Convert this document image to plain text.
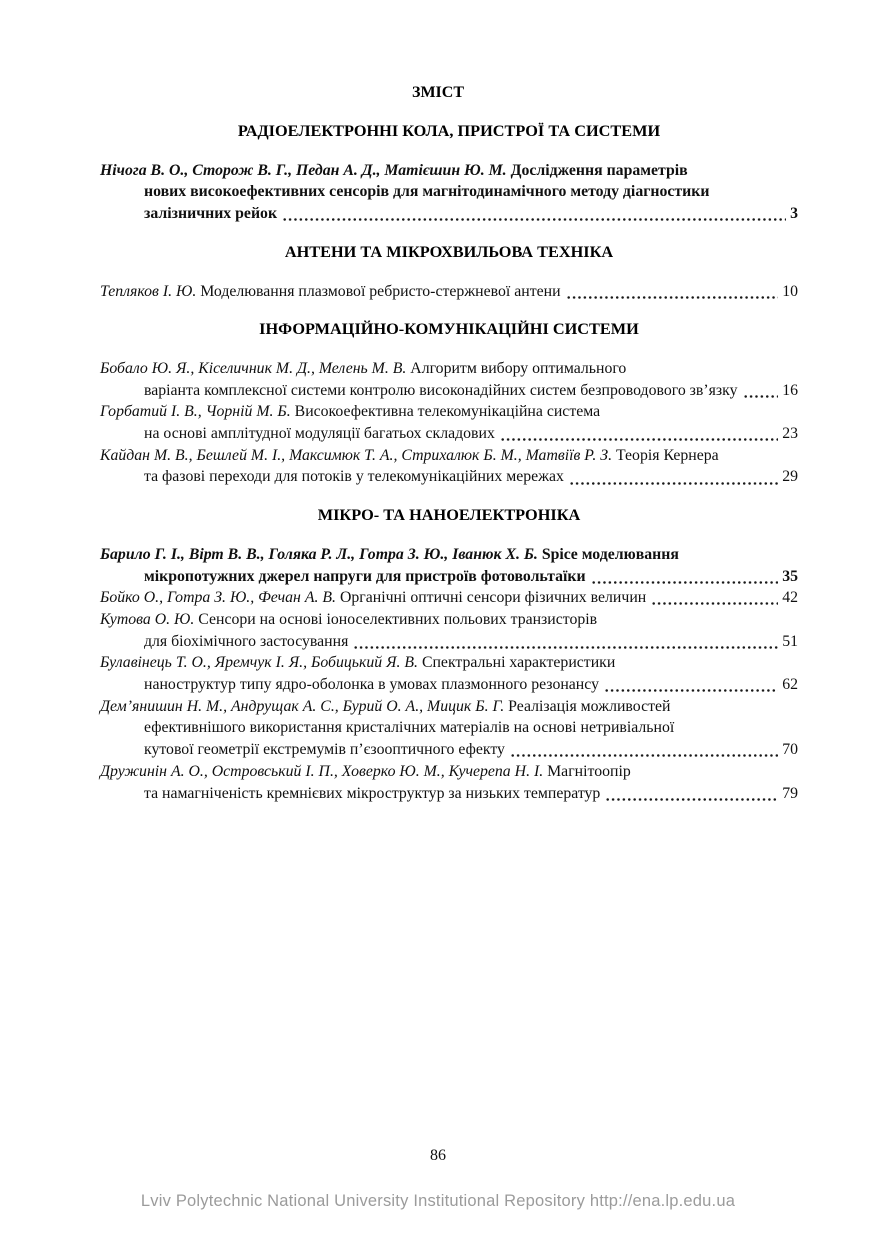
ЗМІСТ
РАДІОЕЛЕКТРОННІ КОЛА, ПРИСТРОЇ ТА СИСТЕМИ
Нічога В. О., Сторож В. Г., Педан А. Д., Матієшин Ю. М. Дослідження параметрів
нових високоефективних сенсорів для магнітодинамічного методу діагностики
залізничних рейок	3
АНТЕНИ ТА МІКРОХВИЛЬОВА ТЕХНІКА
Тепляков І. Ю. Моделювання плазмової ребристо-стержневої антени	10
ІНФОРМАЦІЙНО-КОМУНІКАЦІЙНІ СИСТЕМИ
Бобало Ю. Я., Кіселичник М. Д., Мелень М. В. Алгоритм вибору оптимального
варіанта комплексної системи контролю високонадійних систем безпроводового зв’язку	16
Горбатий І. В., Чорній М. Б. Високоефективна телекомунікаційна система
на основі амплітудної модуляції багатьох складових	23
Кайдан М. В., Бешлей М. І., Максимюк Т. А., Стрихалюк Б. М., Матвіїв Р. З. Теорія Кернера
та фазові переходи для потоків у телекомунікаційних мережах	29
МІКРО- ТА НАНОЕЛЕКТРОНІКА
Барило Г. І., Вірт В. В., Голяка Р. Л., Готра З. Ю., Іванюк Х. Б. Spice моделювання
мікропотужних джерел напруги для пристроїв фотовольтаїки	35
Бойко О., Готра З. Ю., Фечан А. В. Органічні оптичні сенсори фізичних величин	42
Кутова О. Ю. Сенсори на основі іоноселективних польових транзисторів
для біохімічного застосування	51
Булавінець Т. О., Яремчук І. Я., Бобицький Я. В. Спектральні характеристики
наноструктур типу ядро-оболонка в умовах плазмонного резонансу	62
Дем’янишин Н. М., Андрущак А. С., Бурий О. А., Мицик Б. Г. Реалізація можливостей
ефективнішого використання кристалічних матеріалів на основі нетривіальної
кутової геометрії екстремумів п’єзооптичного ефекту	70
Дружинін А. О., Островський І. П., Ховерко Ю. М., Кучерепа Н. І. Магнітоопір
та намагніченість кремнієвих мікроструктур за низьких температур	79
86
Lviv Polytechnic National University Institutional Repository http://ena.lp.edu.ua
